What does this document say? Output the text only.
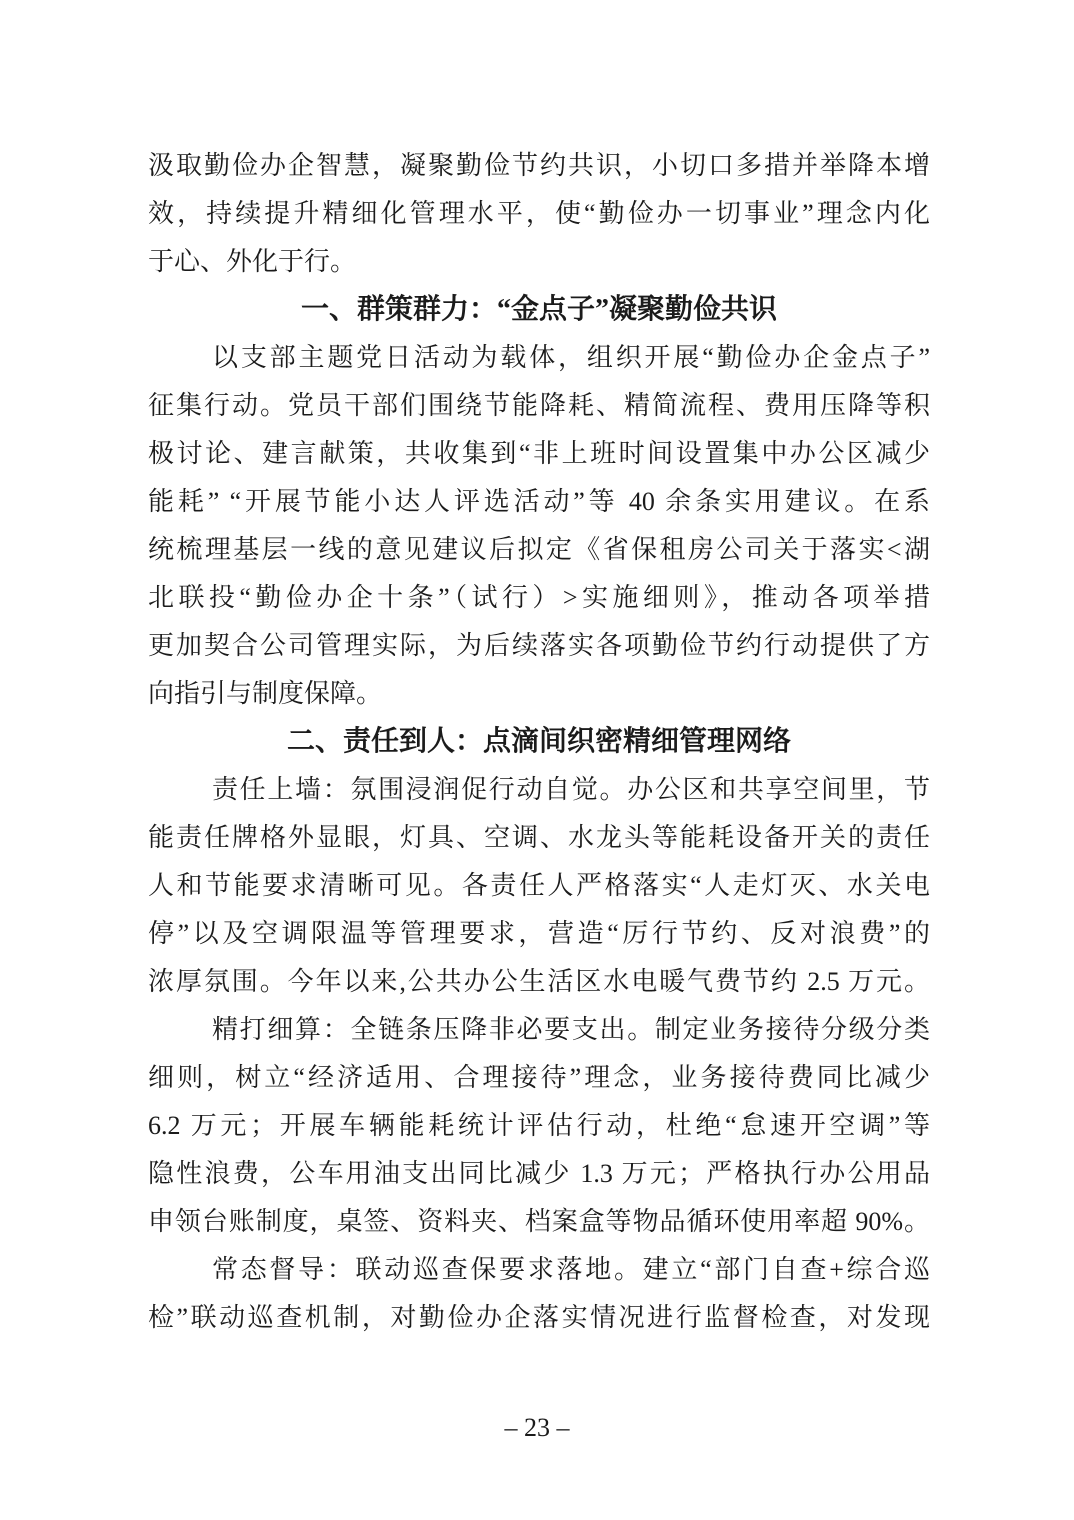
汲取勤俭办企智慧，凝聚勤俭节约共识，小切口多措并举降本增
效，持续提升精细化管理水平，使“勤俭办一切事业”理念内化
于心、外化于行。
一、群策群力：“金点子”凝聚勤俭共识
以支部主题党日活动为载体，组织开展“勤俭办企金点子”
征集行动。党员干部们围绕节能降耗、精简流程、费用压降等积
极讨论、建言献策，共收集到“非上班时间设置集中办公区减少
能耗” “开展节能小达人评选活动”等 40 余条实用建议。在系
统梳理基层一线的意见建议后拟定《省保租房公司关于落实<湖
北联投“勤俭办企十条”（试行）>实施细则》，推动各项举措
更加契合公司管理实际，为后续落实各项勤俭节约行动提供了方
向指引与制度保障。
二、责任到人：点滴间织密精细管理网络
责任上墙：氛围浸润促行动自觉。办公区和共享空间里，节
能责任牌格外显眼，灯具、空调、水龙头等能耗设备开关的责任
人和节能要求清晰可见。各责任人严格落实“人走灯灭、水关电
停”以及空调限温等管理要求，营造“厉行节约、反对浪费”的
浓厚氛围。今年以来,公共办公生活区水电暖气费节约 2.5 万元。
精打细算：全链条压降非必要支出。制定业务接待分级分类
细则，树立“经济适用、合理接待”理念，业务接待费同比减少
6.2 万元；开展车辆能耗统计评估行动，杜绝“怠速开空调”等
隐性浪费，公车用油支出同比减少 1.3 万元；严格执行办公用品
申领台账制度，桌签、资料夹、档案盒等物品循环使用率超 90%。
常态督导：联动巡查保要求落地。建立“部门自查+综合巡
检”联动巡查机制，对勤俭办企落实情况进行监督检查，对发现
– 23 –
